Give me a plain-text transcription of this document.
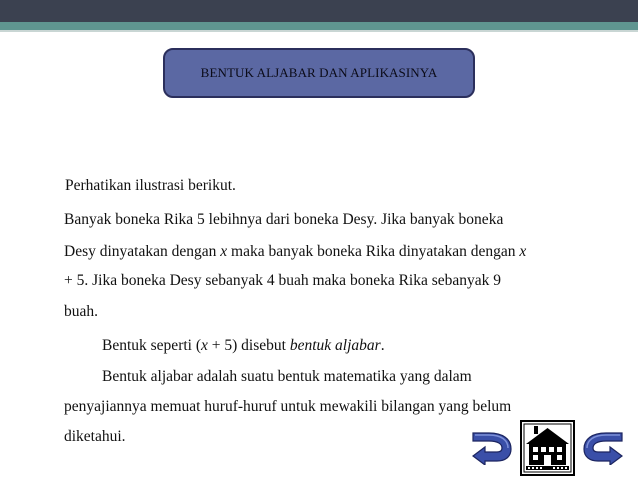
BENTUK ALJABAR DAN APLIKASINYA
Perhatikan ilustrasi berikut.
Banyak boneka Rika 5 lebihnya dari boneka Desy. Jika banyak boneka
Desy dinyatakan dengan x maka banyak boneka Rika dinyatakan dengan x
+ 5. Jika boneka Desy sebanyak 4 buah maka boneka Rika sebanyak 9
buah.
Bentuk seperti (x + 5) disebut bentuk aljabar.
Bentuk aljabar adalah suatu bentuk matematika yang dalam
penyajiannya memuat huruf-huruf untuk mewakili bilangan yang belum
diketahui.
